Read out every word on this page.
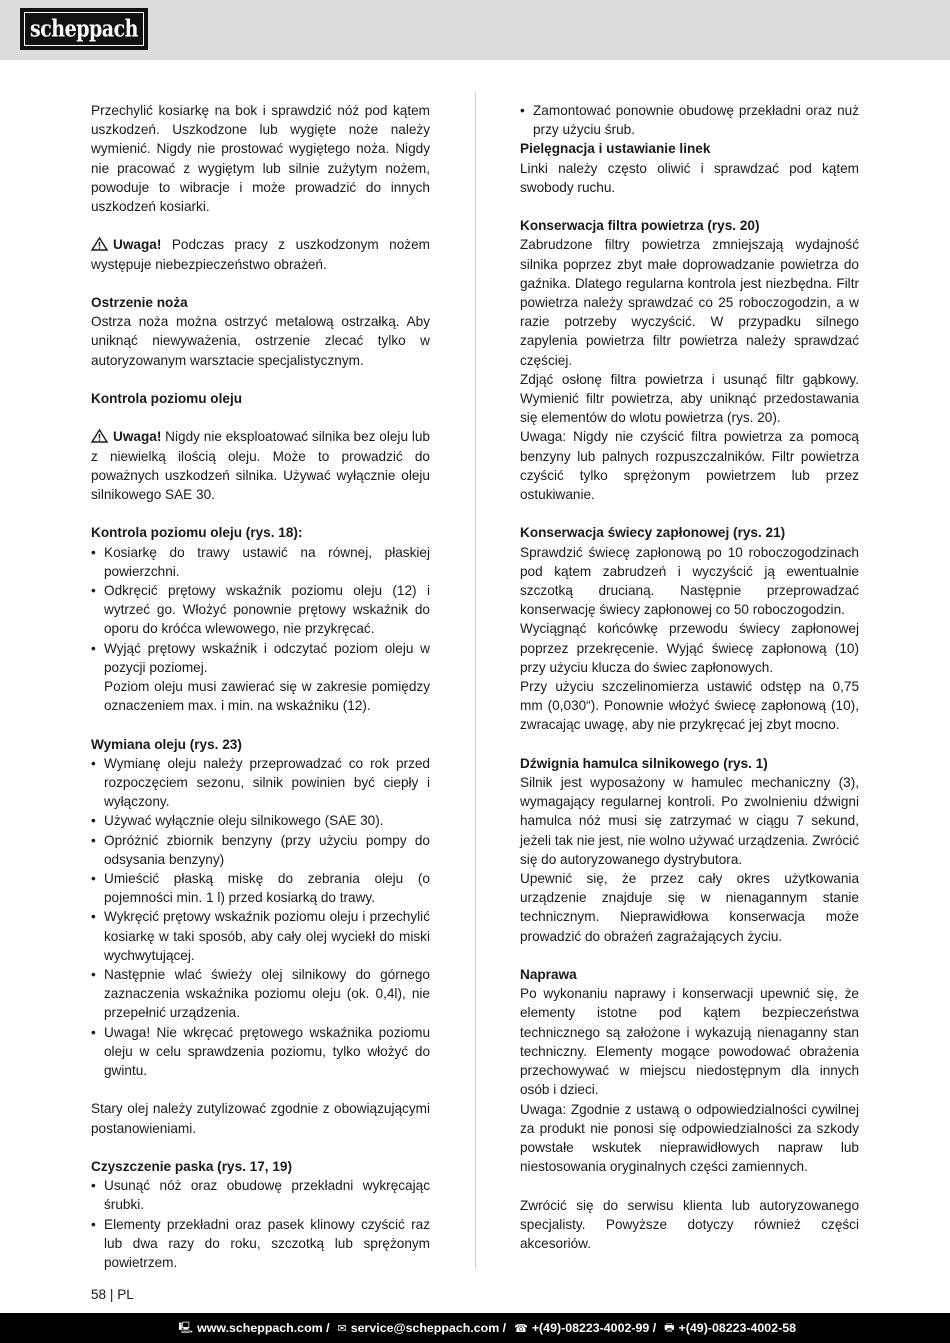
scheppach

Przechylić kosiarkę na bok i sprawdzić nóż pod kątem uszkodzeń. Uszkodzone lub wygięte noże należy wymienić. Nigdy nie prostować wygiętego noża. Nigdy nie pracować z wygiętym lub silnie zużytym nożem, powoduje to wibracje i może prowadzić do innych uszkodzeń kosiarki.

Uwaga! Podczas pracy z uszkodzonym nożem występuje niebezpieczeństwo obrażeń.

Ostrzenie noża

Ostrza noża można ostrzyć metalową ostrzałką. Aby uniknąć niewyważenia, ostrzenie zlecać tylko w autoryzowanym warsztacie specjalistycznym.

Kontrola poziomu oleju

Uwaga! Nigdy nie eksploatować silnika bez oleju lub z niewielką ilością oleju. Może to prowadzić do poważnych uszkodzeń silnika. Używać wyłącznie oleju silnikowego SAE 30.

Kontrola poziomu oleju (rys. 18):

• Kosiarkę do trawy ustawić na równej, płaskiej powierzchni.
• Odkręcić prętowy wskaźnik poziomu oleju (12) i wytrzeć go. Włożyć ponownie prętowy wskaźnik do oporu do króćca wlewowego, nie przykręcać.
• Wyjąć prętowy wskaźnik i odczytać poziom oleju w pozycji poziomej.

Poziom oleju musi zawierać się w zakresie pomiędzy oznaczeniem max. i min. na wskaźniku (12).

Wymiana oleju (rys. 23)

• Wymianę oleju należy przeprowadzać co rok przed rozpoczęciem sezonu, silnik powinien być ciepły i wyłączony.
• Używać wyłącznie oleju silnikowego (SAE 30).
• Opróżnić zbiornik benzyny (przy użyciu pompy do odsysania benzyny)
• Umieścić płaską miskę do zebrania oleju (o pojemności min. 1 l) przed kosiarką do trawy.
• Wykręcić prętowy wskaźnik poziomu oleju i przechylić kosiarkę w taki sposób, aby cały olej wyciekł do miski wychwytującej.
• Następnie wlać świeży olej silnikowy do górnego zaznaczenia wskaźnika poziomu oleju (ok. 0,4l), nie przepełnić urządzenia.
• Uwaga! Nie wkręcać prętowego wskaźnika poziomu oleju w celu sprawdzenia poziomu, tylko włożyć do gwintu.

Stary olej należy zutylizować zgodnie z obowiązującymi postanowieniami.

Czyszczenie paska (rys. 17, 19)

• Usunąć nóż oraz obudowę przekładni wykręcając śrubki.
• Elementy przekładni oraz pasek klinowy czyścić raz lub dwa razy do roku, szczotką lub sprężonym powietrzem.
• Zamontować ponownie obudowę przekładni oraz nuż przy użyciu śrub.

Pielęgnacja i ustawianie linek

Linki należy często oliwić i sprawdzać pod kątem swobody ruchu.

Konserwacja filtra powietrza (rys. 20)

Zabrudzone filtry powietrza zmniejszają wydajność silnika poprzez zbyt małe doprowadzanie powietrza do gaźnika. Dlatego regularna kontrola jest niezbędna. Filtr powietrza należy sprawdzać co 25 roboczogodzin, a w razie potrzeby wyczyścić. W przypadku silnego zapylenia powietrza filtr powietrza należy sprawdzać częściej.

Zdjąć osłonę filtra powietrza i usunąć filtr gąbkowy. Wymienić filtr powietrza, aby uniknąć przedostawania się elementów do wlotu powietrza (rys. 20).

Uwaga: Nigdy nie czyścić filtra powietrza za pomocą benzyny lub palnych rozpuszczalników. Filtr powietrza czyścić tylko sprężonym powietrzem lub przez ostukiwanie.

Konserwacja świecy zapłonowej (rys. 21)

Sprawdzić świecę zapłonową po 10 roboczogodzinach pod kątem zabrudzeń i wyczyścić ją ewentualnie szczotką drucianą. Następnie przeprowadzać konserwację świecy zapłonowej co 50 roboczogodzin.

Wyciągnąć końcówkę przewodu świecy zapłonowej poprzez przekręcenie. Wyjąć świecę zapłonową (10) przy użyciu klucza do świec zapłonowych.

Przy użyciu szczelinomierza ustawić odstęp na 0,75 mm (0,030“). Ponownie włożyć świecę zapłonową (10), zwracając uwagę, aby nie przykręcać jej zbyt mocno.

Dźwignia hamulca silnikowego (rys. 1)

Silnik jest wyposażony w hamulec mechaniczny (3), wymagający regularnej kontroli. Po zwolnieniu dźwigni hamulca nóż musi się zatrzymać w ciągu 7 sekund, jeżeli tak nie jest, nie wolno używać urządzenia. Zwrócić się do autoryzowanego dystrybutora.

Upewnić się, że przez cały okres użytkowania urządzenie znajduje się w nienagannym stanie technicznym. Nieprawidłowa konserwacja może prowadzić do obrażeń zagrażających życiu.

Naprawa

Po wykonaniu naprawy i konserwacji upewnić się, że elementy istotne pod kątem bezpieczeństwa technicznego są założone i wykazują nienaganny stan techniczny. Elementy mogące powodować obrażenia przechowywać w miejscu niedostępnym dla innych osób i dzieci.

Uwaga: Zgodnie z ustawą o odpowiedzialności cywilnej za produkt nie ponosi się odpowiedzialności za szkody powstałe wskutek nieprawidłowych napraw lub niestosowania oryginalnych części zamiennych.

Zwrócić się do serwisu klienta lub autoryzowanego specjalisty. Powyższe dotyczy również części akcesoriów.

58 | PL
🖳 www.scheppach.com / ✉ service@scheppach.com / ☎ +(49)-08223-4002-99 / 🖶 +(49)-08223-4002-58
